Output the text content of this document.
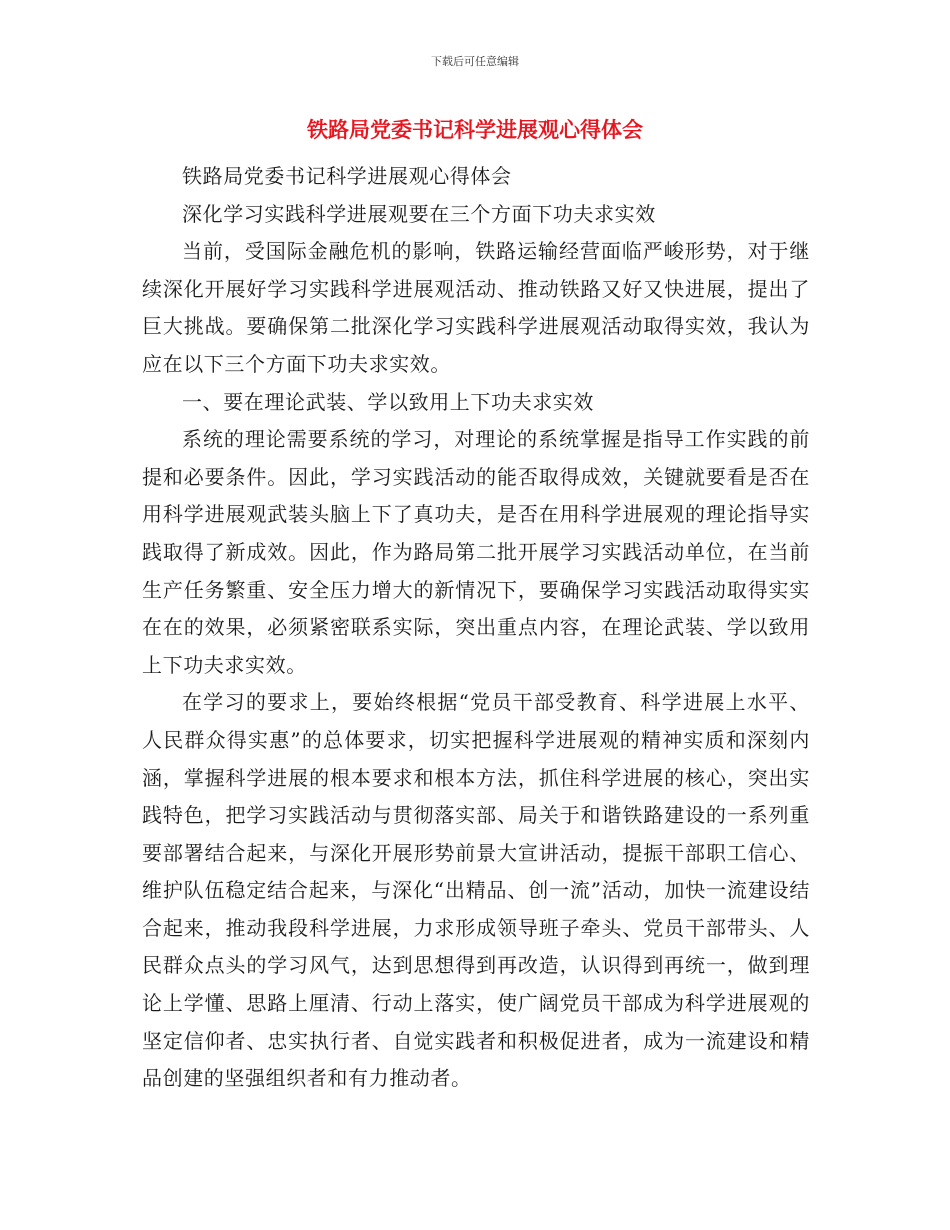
下载后可任意编辑
铁路局党委书记科学进展观心得体会

铁路局党委书记科学进展观心得体会

深化学习实践科学进展观要在三个方面下功夫求实效

当前，受国际金融危机的影响，铁路运输经营面临严峻形势，对于继续深化开展好学习实践科学进展观活动、推动铁路又好又快进展，提出了巨大挑战。要确保第二批深化学习实践科学进展观活动取得实效，我认为应在以下三个方面下功夫求实效。

一、要在理论武装、学以致用上下功夫求实效

系统的理论需要系统的学习，对理论的系统掌握是指导工作实践的前提和必要条件。因此，学习实践活动的能否取得成效，关键就要看是否在用科学进展观武装头脑上下了真功夫，是否在用科学进展观的理论指导实践取得了新成效。因此，作为路局第二批开展学习实践活动单位，在当前生产任务繁重、安全压力增大的新情况下，要确保学习实践活动取得实实在在的效果，必须紧密联系实际，突出重点内容，在理论武装、学以致用上下功夫求实效。

在学习的要求上，要始终根据“党员干部受教育、科学进展上水平、人民群众得实惠”的总体要求，切实把握科学进展观的精神实质和深刻内涵，掌握科学进展的根本要求和根本方法，抓住科学进展的核心，突出实践特色，把学习实践活动与贯彻落实部、局关于和谐铁路建设的一系列重要部署结合起来，与深化开展形势前景大宣讲活动，提振干部职工信心、维护队伍稳定结合起来，与深化“出精品、创一流”活动，加快一流建设结合起来，推动我段科学进展，力求形成领导班子牵头、党员干部带头、人民群众点头的学习风气，达到思想得到再改造，认识得到再统一，做到理论上学懂、思路上厘清、行动上落实，使广阔党员干部成为科学进展观的坚定信仰者、忠实执行者、自觉实践者和积极促进者，成为一流建设和精品创建的坚强组织者和有力推动者。
